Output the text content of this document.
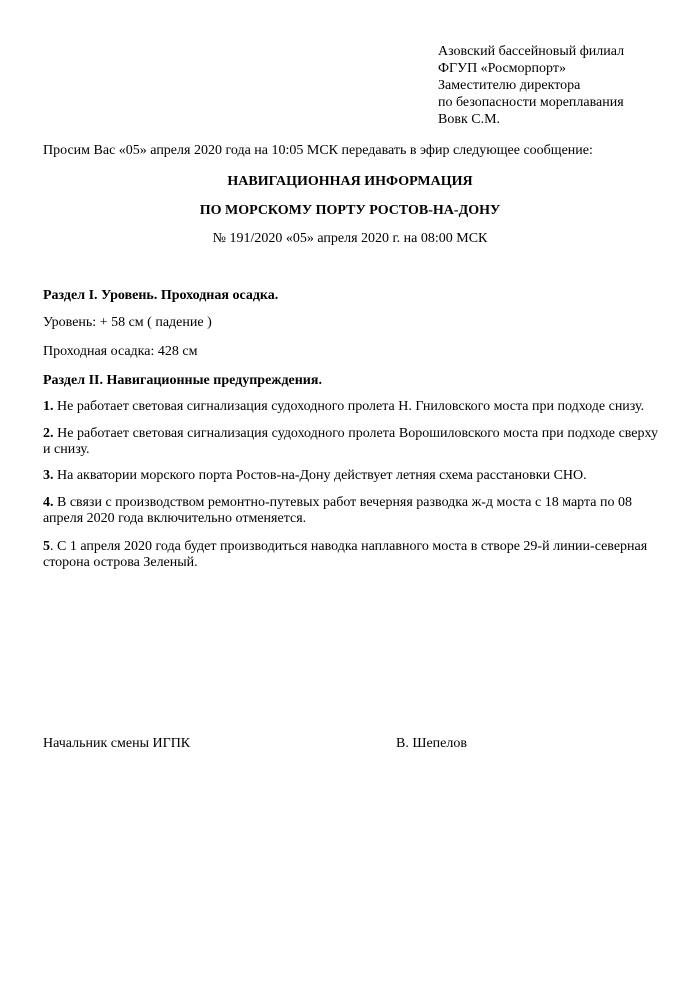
Азовский бассейновый филиал
ФГУП «Росморпорт»
Заместителю директора
по безопасности мореплавания
Вовк С.М.
Просим Вас «05» апреля 2020 года на 10:05 МСК передавать в эфир следующее сообщение:
НАВИГАЦИОННАЯ ИНФОРМАЦИЯ
ПО МОРСКОМУ ПОРТУ РОСТОВ-НА-ДОНУ
№ 191/2020 «05» апреля 2020 г. на 08:00 МСК
Раздел I. Уровень. Проходная осадка.
Уровень: + 58 см ( падение )
Проходная осадка: 428 см
Раздел II. Навигационные предупреждения.
1. Не работает световая сигнализация судоходного пролета Н. Гниловского моста при подходе снизу.
2. Не работает световая сигнализация судоходного пролета Ворошиловского моста при подходе сверху и снизу.
3. На акватории морского порта Ростов-на-Дону действует летняя схема расстановки СНО.
4. В связи с производством ремонтно-путевых работ вечерняя разводка ж-д моста с 18 марта по 08 апреля 2020 года включительно отменяется.
5. С 1 апреля 2020 года будет производиться наводка наплавного моста в створе 29-й линии-северная сторона острова Зеленый.
Начальник смены ИГПК	В. Шепелов
